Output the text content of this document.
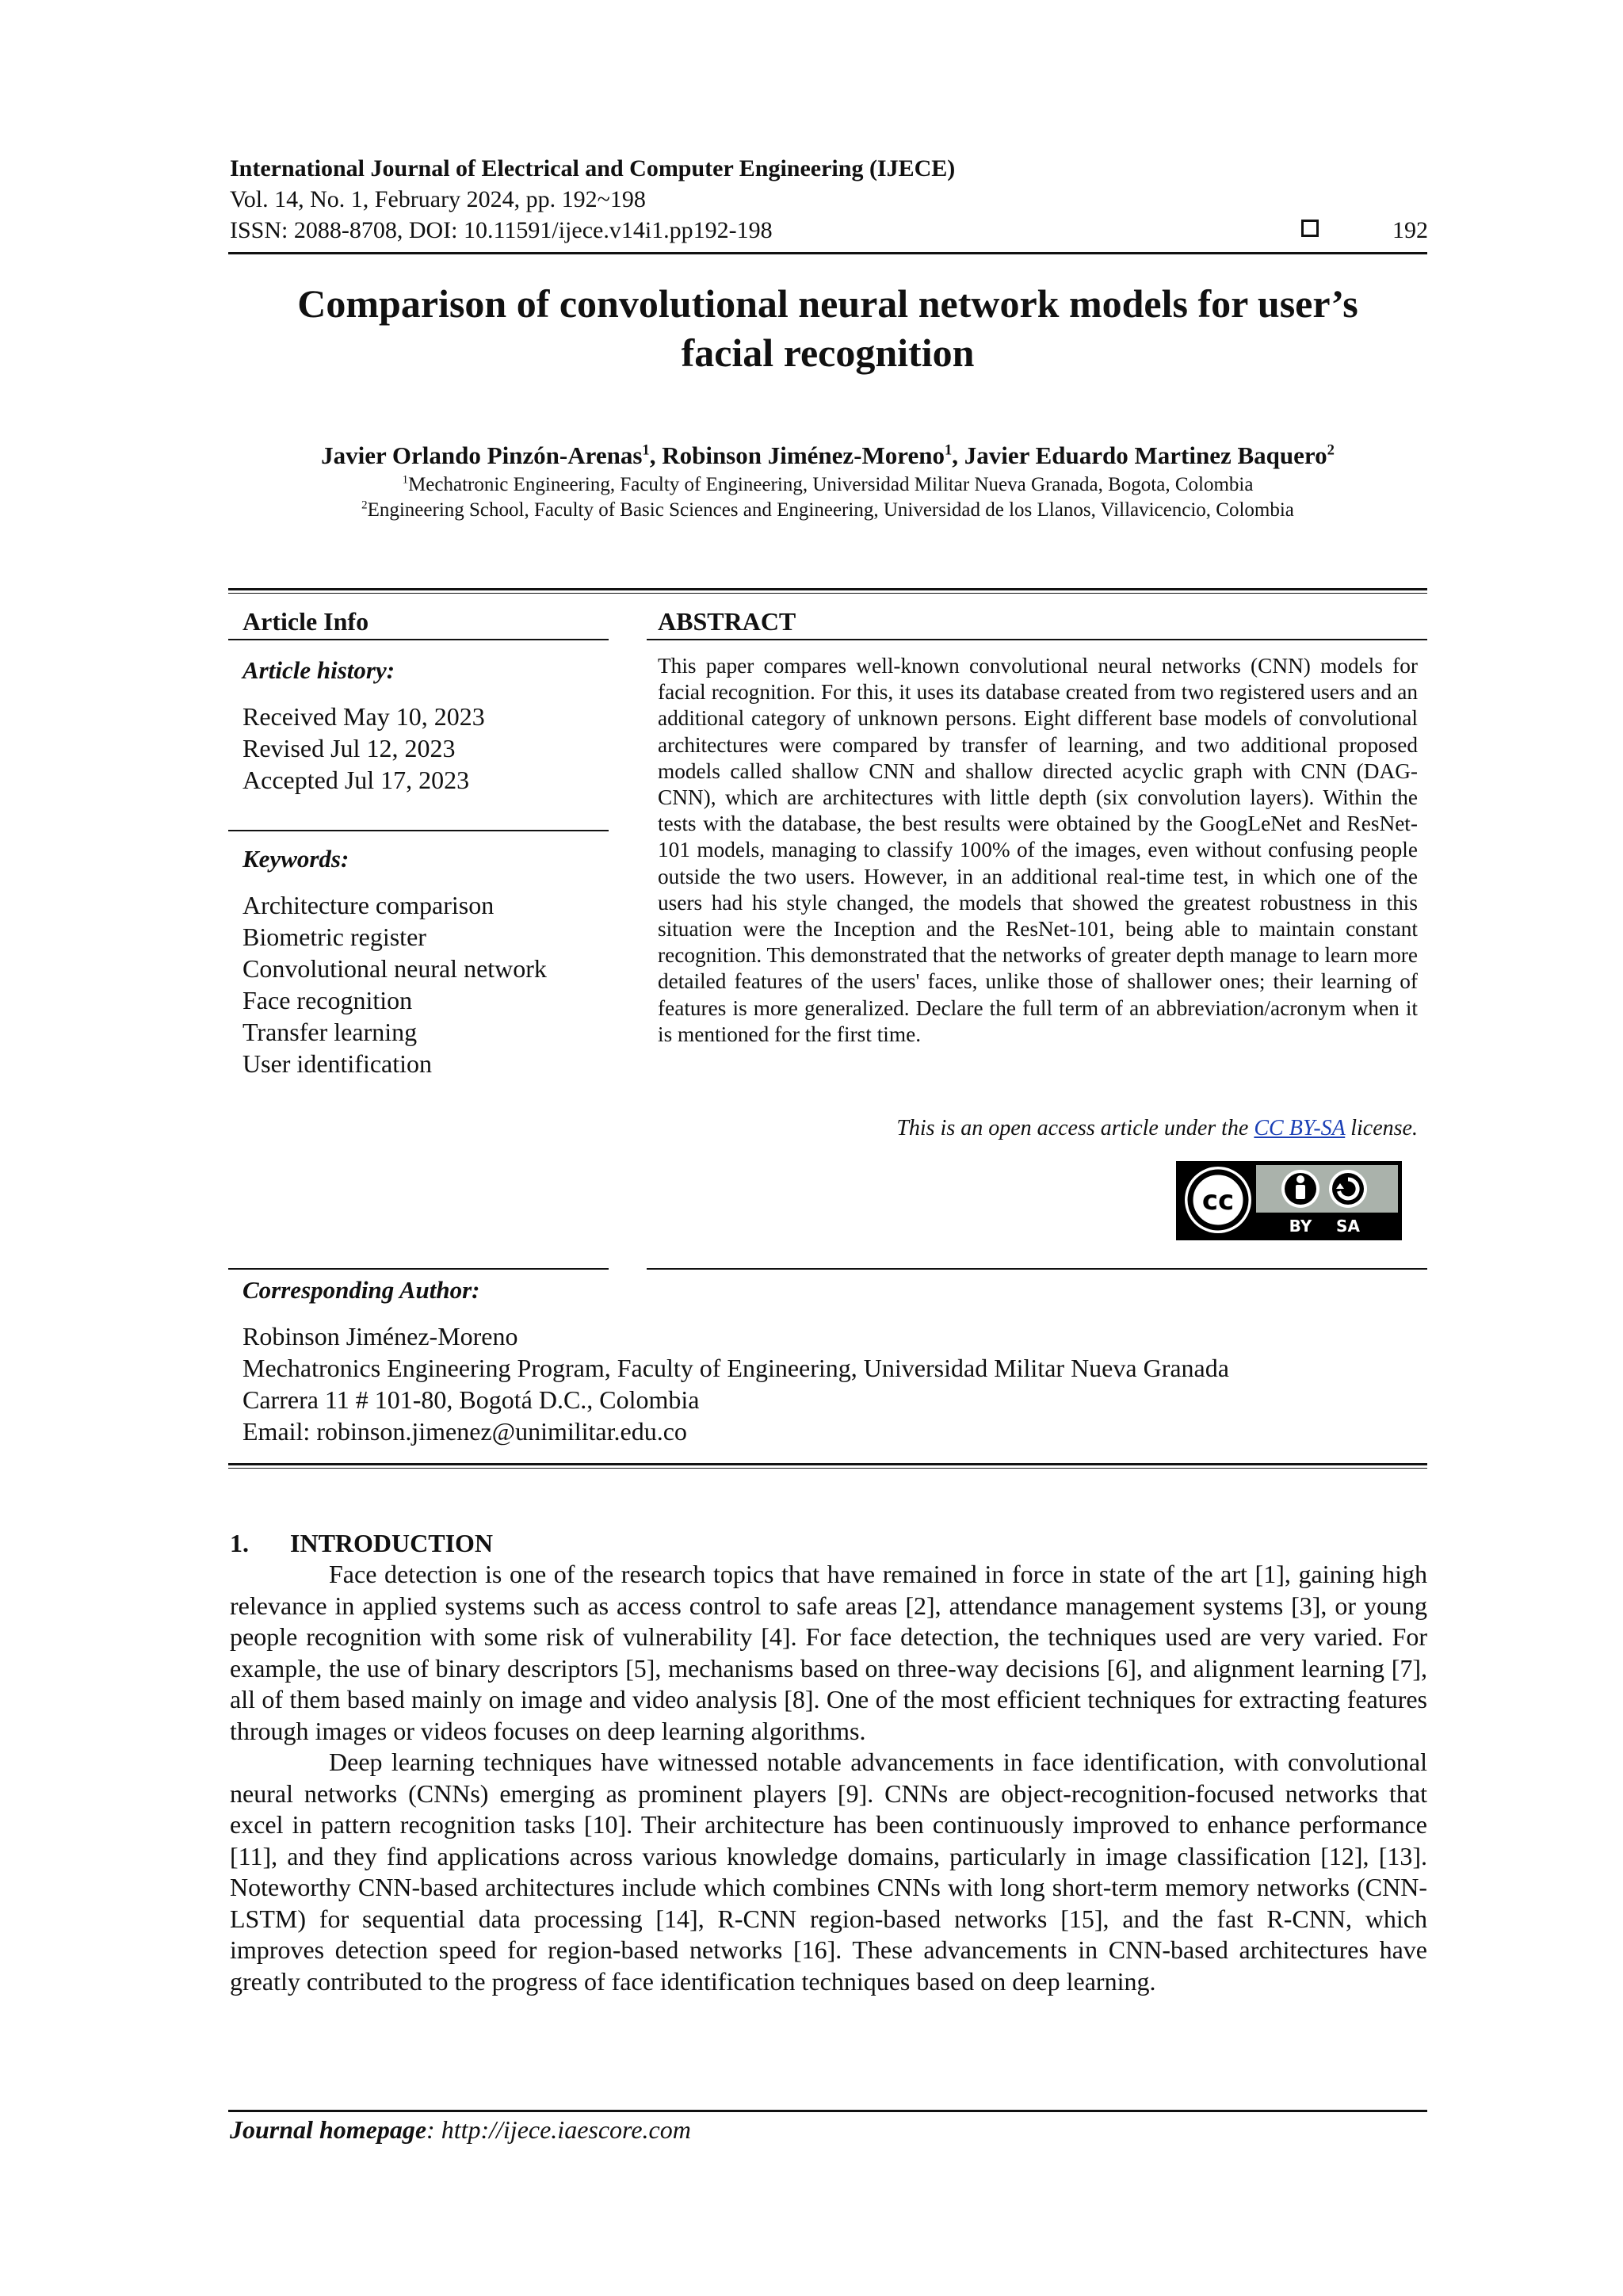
International Journal of Electrical and Computer Engineering (IJECE)
Vol. 14, No. 1, February 2024, pp. 192~198
ISSN: 2088-8708, DOI: 10.11591/ijece.v14i1.pp192-198	192
Comparison of convolutional neural network models for user’s
facial recognition
Javier Orlando Pinzón-Arenas$^1$, Robinson Jiménez-Moreno$^1$, Javier Eduardo Martinez Baquero$^2$
$^1$Mechatronic Engineering, Faculty of Engineering, Universidad Militar Nueva Granada, Bogota, Colombia
$^2$Engineering School, Faculty of Basic Sciences and Engineering, Universidad de los Llanos, Villavicencio, Colombia
Article Info
Article history:
Received May 10, 2023
Revised Jul 12, 2023
Accepted Jul 17, 2023
Keywords:
Architecture comparison
Biometric register
Convolutional neural network
Face recognition
Transfer learning
User identification
ABSTRACT
This paper compares well-known convolutional neural networks (CNN) models for facial recognition. For this, it uses its database created from two registered users and an additional category of unknown persons. Eight different base models of convolutional architectures were compared by transfer of learning, and two additional proposed models called shallow CNN and shallow directed acyclic graph with CNN (DAG-CNN), which are architectures with little depth (six convolution layers). Within the tests with the database, the best results were obtained by the GoogLeNet and ResNet-101 models, managing to classify 100% of the images, even without confusing people outside the two users. However, in an additional real-time test, in which one of the users had his style changed, the models that showed the greatest robustness in this situation were the Inception and the ResNet-101, being able to maintain constant recognition. This demonstrated that the networks of greater depth manage to learn more detailed features of the users' faces, unlike those of shallower ones; their learning of features is more generalized. Declare the full term of an abbreviation/acronym when it is mentioned for the first time.
This is an open access article under the CC BY-SA license.
cc
BY SA
Corresponding Author:
Robinson Jiménez-Moreno
Mechatronics Engineering Program, Faculty of Engineering, Universidad Militar Nueva Granada
Carrera 11 # 101-80, Bogotá D.C., Colombia
Email: robinson.jimenez@unimilitar.edu.co
1. INTRODUCTION

Face detection is one of the research topics that have remained in force in state of the art [1], gaining high relevance in applied systems such as access control to safe areas [2], attendance management systems [3], or young people recognition with some risk of vulnerability [4]. For face detection, the techniques used are very varied. For example, the use of binary descriptors [5], mechanisms based on three-way decisions [6], and alignment learning [7], all of them based mainly on image and video analysis [8]. One of the most efficient techniques for extracting features through images or videos focuses on deep learning algorithms.

Deep learning techniques have witnessed notable advancements in face identification, with convolutional neural networks (CNNs) emerging as prominent players [9]. CNNs are object-recognition-focused networks that excel in pattern recognition tasks [10]. Their architecture has been continuously improved to enhance performance [11], and they find applications across various knowledge domains, particularly in image classification [12], [13]. Noteworthy CNN-based architectures include which combines CNNs with long short-term memory networks (CNN-LSTM) for sequential data processing [14], R-CNN region-based networks [15], and the fast R-CNN, which improves detection speed for region-based networks [16]. These advancements in CNN-based architectures have greatly contributed to the progress of face identification techniques based on deep learning.

Journal homepage: http://ijece.iaescore.com
